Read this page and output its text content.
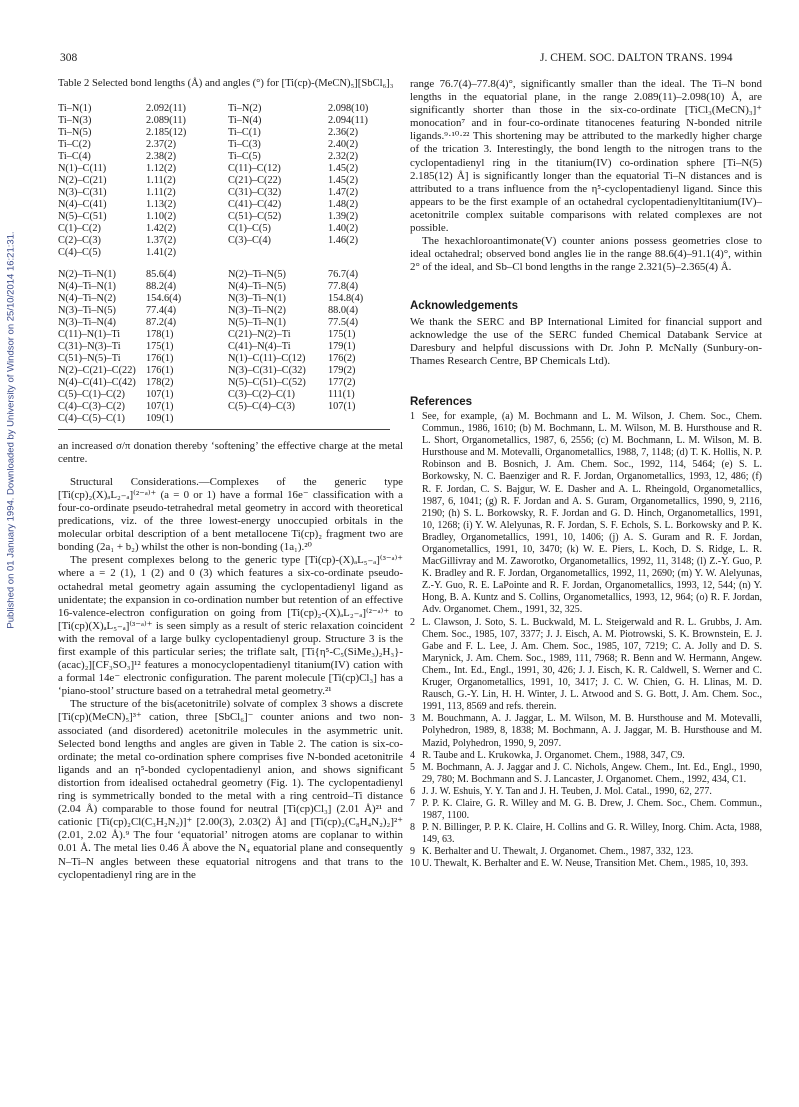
Published on 01 January 1994. Downloaded by University of Windsor on 25/10/2014 16:21:31.
308	J. CHEM. SOC. DALTON TRANS. 1994
Table 2 Selected bond lengths (Å) and angles (°) for [Ti(cp)-(MeCN)₅][SbCl₆]₃
Ti–N(1)	2.092(11)	Ti–N(2)	2.098(10)
Ti–N(3)	2.089(11)	Ti–N(4)	2.094(11)
Ti–N(5)	2.185(12)	Ti–C(1)	2.36(2)
Ti–C(2)	2.37(2)	Ti–C(3)	2.40(2)
Ti–C(4)	2.38(2)	Ti–C(5)	2.32(2)
N(1)–C(11)	1.12(2)	C(11)–C(12)	1.45(2)
N(2)–C(21)	1.11(2)	C(21)–C(22)	1.45(2)
N(3)–C(31)	1.11(2)	C(31)–C(32)	1.47(2)
N(4)–C(41)	1.13(2)	C(41)–C(42)	1.48(2)
N(5)–C(51)	1.10(2)	C(51)–C(52)	1.39(2)
C(1)–C(2)	1.42(2)	C(1)–C(5)	1.40(2)
C(2)–C(3)	1.37(2)	C(3)–C(4)	1.46(2)
C(4)–C(5)	1.41(2)		
N(2)–Ti–N(1)	85.6(4)	N(2)–Ti–N(5)	76.7(4)
N(4)–Ti–N(1)	88.2(4)	N(4)–Ti–N(5)	77.8(4)
N(4)–Ti–N(2)	154.6(4)	N(3)–Ti–N(1)	154.8(4)
N(3)–Ti–N(5)	77.4(4)	N(3)–Ti–N(2)	88.0(4)
N(3)–Ti–N(4)	87.2(4)	N(5)–Ti–N(1)	77.5(4)
C(11)–N(1)–Ti	178(1)	C(21)–N(2)–Ti	175(1)
C(31)–N(3)–Ti	175(1)	C(41)–N(4)–Ti	179(1)
C(51)–N(5)–Ti	176(1)	N(1)–C(11)–C(12)	176(2)
N(2)–C(21)–C(22)	176(1)	N(3)–C(31)–C(32)	179(2)
N(4)–C(41)–C(42)	178(2)	N(5)–C(51)–C(52)	177(2)
C(5)–C(1)–C(2)	107(1)	C(3)–C(2)–C(1)	111(1)
C(4)–C(3)–C(2)	107(1)	C(5)–C(4)–C(3)	107(1)
C(4)–C(5)–C(1)	109(1)		

an increased σ/π donation thereby ‘softening’ the effective charge at the metal centre.

Structural Considerations.—Complexes of the generic type [Ti(cp)₂(X)ₐL₂₋ₐ]⁽²⁻ᵃ⁾⁺ (a = 0 or 1) have a formal 16e⁻ classification with a four-co-ordinate pseudo-tetrahedral metal geometry in accord with theoretical predications, viz. of the three lowest-energy unoccupied orbitals in the molecular orbital description of a bent metallocene Ti(cp)₂ fragment two are bonding (2a₁ + b₂) whilst the other is non-bonding (1a₁).²⁰

The present complexes belong to the generic type [Ti(cp)-(X)ₐL₅₋ₐ]⁽³⁻ᵃ⁾⁺ where a = 2 (1), 1 (2) and 0 (3) which features a six-co-ordinate pseudo-octahedral metal geometry again assuming the cyclopentadienyl ligand as unidentate; the expansion in co-ordination number but retention of an effective 16-valence-electron configuration on going from [Ti(cp)₂-(X)ₐL₂₋ₐ]⁽²⁻ᵃ⁾⁺ to [Ti(cp)(X)ₐL₅₋ₐ]⁽³⁻ᵃ⁾⁺ is seen simply as a result of steric relaxation coincident with the removal of a large bulky cyclopentadienyl group. Structure 3 is the first example of this particular series; the triflate salt, [Ti{η⁵-C₅(SiMe₃)₂H₃}-(acac)₂][CF₃SO₃]¹² features a monocyclopentadienyl titanium(IV) cation with a formal 14e⁻ electronic configuration. The parent molecule [Ti(cp)Cl₃] has a ‘piano-stool’ structure based on a tetrahedral metal geometry.²¹

The structure of the bis(acetonitrile) solvate of complex 3 shows a discrete [Ti(cp)(MeCN)₅]³⁺ cation, three [SbCl₆]⁻ counter anions and two non-associated (and disordered) acetonitrile molecules in the asymmetric unit. Selected bond lengths and angles are given in Table 2. The cation is six-co-ordinate; the metal co-ordination sphere comprises five N-bonded acetonitrile ligands and an η⁵-bonded cyclopentadienyl anion, and shows significant distortion from idealised octahedral geometry (Fig. 1). The cyclopentadienyl ring is symmetrically bonded to the metal with a ring centroid–Ti distance (2.04 Å) comparable to those found for neutral [Ti(cp)Cl₃] (2.01 Å)²¹ and cationic [Ti(cp)₂Cl(C₃H₂N₂)]⁺ [2.00(3), 2.03(2) Å] and [Ti(cp)₂(C₈H₄N₂)₂]²⁺ (2.01, 2.02 Å).⁹ The four ‘equatorial’ nitrogen atoms are coplanar to within 0.01 Å. The metal lies 0.46 Å above the N₄ equatorial plane and consequently N–Ti–N angles between these equatorial nitrogens and that trans to the cyclopentadienyl ring are in the

range 76.7(4)–77.8(4)°, significantly smaller than the ideal. The Ti–N bond lengths in the equatorial plane, in the range 2.089(11)–2.098(10) Å, are significantly shorter than those in the six-co-ordinate [TiCl₃(MeCN)₃]⁺ monocation⁷ and in four-co-ordinate titanocenes featuring N-bonded nitrile ligands.⁹·¹⁰·²² This shortening may be attributed to the markedly higher charge of the trication 3. Interestingly, the bond length to the nitrogen trans to the cyclopentadienyl ring in the titanium(IV) co-ordination sphere [Ti–N(5) 2.185(12) Å] is significantly longer than the equatorial Ti–N distances and is attributed to a trans influence from the η⁵-cyclopentadienyl ligand. Since this appears to be the first example of an octahedral cyclopentadienyltitanium(IV)–acetonitrile complex suitable comparisons with related complexes are not possible.

The hexachloroantimonate(V) counter anions possess geometries close to ideal octahedral; observed bond angles lie in the range 88.6(4)–91.1(4)°, within 2° of the ideal, and Sb–Cl bond lengths in the range 2.321(5)–2.365(4) Å.

Acknowledgements

We thank the SERC and BP International Limited for financial support and acknowledge the use of the SERC funded Chemical Databank Service at Daresbury and helpful discussions with Dr. John P. McNally (Sunbury-on-Thames Research Centre, BP Chemicals Ltd).

References
1 See, for example, (a) M. Bochmann and L. M. Wilson, J. Chem. Soc., Chem. Commun., 1986, 1610; (b) M. Bochmann, L. M. Wilson, M. B. Hursthouse and R. L. Short, Organometallics, 1987, 6, 2556; (c) M. Bochmann, L. M. Wilson, M. B. Hursthouse and M. Motevalli, Organometallics, 1988, 7, 1148; (d) T. K. Hollis, N. P. Robinson and B. Bosnich, J. Am. Chem. Soc., 1992, 114, 5464; (e) S. L. Borkowsky, N. C. Baenziger and R. F. Jordan, Organometallics, 1993, 12, 486; (f) R. F. Jordan, C. S. Bajgur, W. E. Dasher and A. L. Rheingold, Organometallics, 1987, 6, 1041; (g) R. F. Jordan and A. S. Guram, Organometallics, 1990, 9, 2116, 2190; (h) S. L. Borkowsky, R. F. Jordan and G. D. Hinch, Organometallics, 1991, 10, 1268; (i) Y. W. Alelyunas, R. F. Jordan, S. F. Echols, S. L. Borkowsky and P. K. Bradley, Organometallics, 1991, 10, 1406; (j) A. S. Guram and R. F. Jordan, Organometallics, 1991, 10, 3470; (k) W. E. Piers, L. Koch, D. S. Ridge, L. R. MacGillivray and M. Zaworotko, Organometallics, 1992, 11, 3148; (l) Z.-Y. Guo, P. K. Bradley and R. F. Jordan, Organometallics, 1992, 11, 2690; (m) Y. W. Alelyunas, Z.-Y. Guo, R. E. LaPointe and R. F. Jordan, Organometallics, 1993, 12, 544; (n) Y. Hong, B. A. Kuntz and S. Collins, Organometallics, 1993, 12, 964; (o) R. F. Jordan, Adv. Organomet. Chem., 1991, 32, 325.
2 L. Clawson, J. Soto, S. L. Buckwald, M. L. Steigerwald and R. L. Grubbs, J. Am. Chem. Soc., 1985, 107, 3377; J. J. Eisch, A. M. Piotrowski, S. K. Brownstein, E. J. Gabe and F. L. Lee, J. Am. Chem. Soc., 1985, 107, 7219; C. A. Jolly and D. S. Marynick, J. Am. Chem. Soc., 1989, 111, 7968; R. Benn and W. Hermann, Angew. Chem., Int. Ed., Engl., 1991, 30, 426; J. J. Eisch, K. R. Caldwell, S. Werner and C. Kruger, Organometallics, 1991, 10, 3417; J. C. W. Chien, G. H. Llinas, M. D. Rausch, G.-Y. Lin, H. H. Winter, J. L. Atwood and S. G. Bott, J. Am. Chem. Soc., 1991, 113, 8569 and refs. therein.
3 M. Bouchmann, A. J. Jaggar, L. M. Wilson, M. B. Hursthouse and M. Motevalli, Polyhedron, 1989, 8, 1838; M. Bochmann, A. J. Jaggar, M. B. Hursthouse and M. Mazid, Polyhedron, 1990, 9, 2097.
4 R. Taube and L. Krukowka, J. Organomet. Chem., 1988, 347, C9.
5 M. Bochmann, A. J. Jaggar and J. C. Nichols, Angew. Chem., Int. Ed., Engl., 1990, 29, 780; M. Bochmann and S. J. Lancaster, J. Organomet. Chem., 1992, 434, C1.
6 J. J. W. Eshuis, Y. Y. Tan and J. H. Teuben, J. Mol. Catal., 1990, 62, 277.
7 P. P. K. Claire, G. R. Willey and M. G. B. Drew, J. Chem. Soc., Chem. Commun., 1987, 1100.
8 P. N. Billinger, P. P. K. Claire, H. Collins and G. R. Willey, Inorg. Chim. Acta, 1988, 149, 63.
9 K. Berhalter and U. Thewalt, J. Organomet. Chem., 1987, 332, 123.
10 U. Thewalt, K. Berhalter and E. W. Neuse, Transition Met. Chem., 1985, 10, 393.
